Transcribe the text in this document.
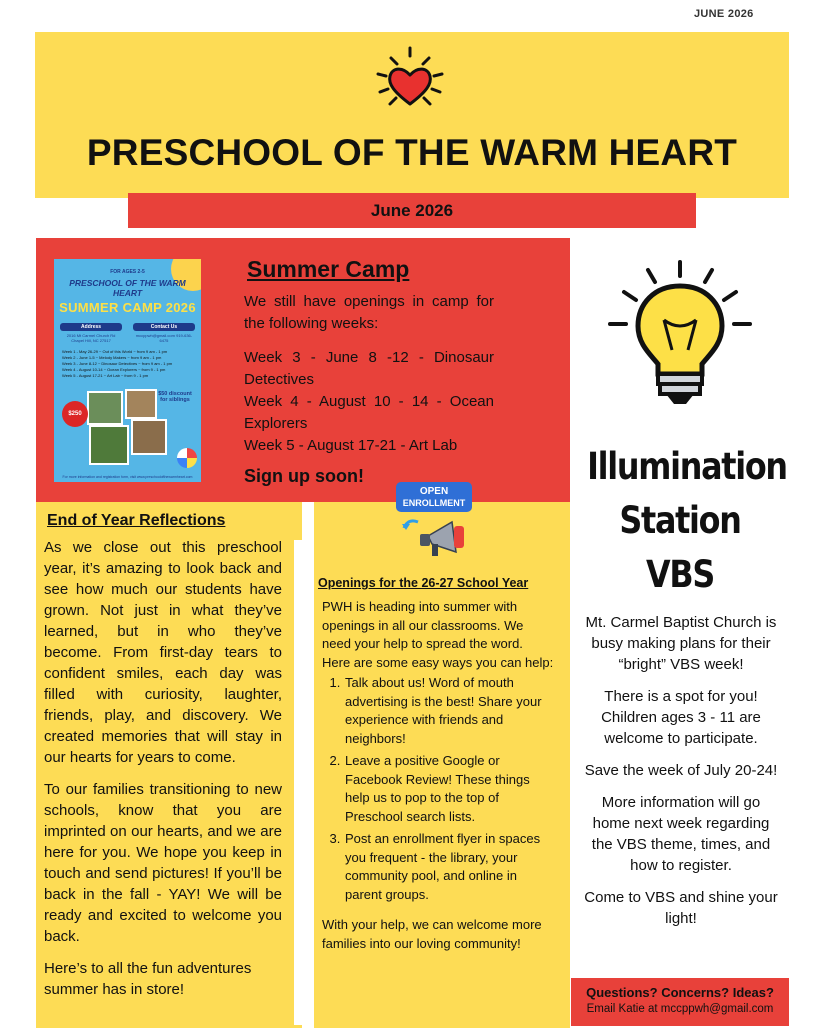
JUNE 2026
PRESCHOOL OF THE WARM HEART
June 2026
FOR AGES 2-5
PRESCHOOL OF THE WARM HEART
SUMMER CAMP 2026
Address
2016 Mt Carmel Church Rd Chapel Hill, NC 27517
Contact Us
mccppwh@gmail.com 919-636-6475
Week 1 - May 26-29 ~ Out of this World ~ from 9 am - 1 pm
Week 2 - June 1-5 ~ Melody Makers ~ from 9 am - 1 pm
Week 3 - June 8-12 ~ Dinosaur Detectives ~ from 9 am - 1 pm
Week 4 - August 10-14 ~ Ocean Explorers ~ from 9 - 1 pm
Week 5 - August 17-21 ~ Art Lab ~ from 9 - 1 pm
$250
$50 discount for siblings
For more information and registration form, visit www.preschoolofthewarmheart.com
Summer Camp
We still have openings in camp for the following weeks:
Week 3 - June 8 -12 - Dinosaur Detectives
Week 4 - August 10 - 14 - Ocean Explorers
Week 5 - August 17-21 - Art Lab
Sign up soon!
End of Year Reflections

As we close out this preschool year, it’s amazing to look back and see how much our students have grown. Not just in what they’ve learned, but in who they’ve become. From first-day tears to confident smiles, each day was filled with curiosity, laughter, friends, play, and discovery. We created memories that will stay in our hearts for years to come.

To our families transitioning to new schools, know that you are imprinted on our hearts, and we are here for you. We hope you keep in touch and send pictures! If you’ll be back in the fall - YAY! We will be ready and excited to welcome you back.

Here’s to all the fun adventures summer has in store!

OPEN
ENROLLMENT
Openings for the 26-27 School Year
PWH is heading into summer with openings in all our classrooms. We need your help to spread the word. Here are some easy ways you can help:
1. Talk about us! Word of mouth advertising is the best! Share your experience with friends and neighbors!
2. Leave a positive Google or Facebook Review! These things help us to pop to the top of Preschool search lists.
3. Post an enrollment flyer in spaces you frequent - the library, your community pool, and online in parent groups.
With your help, we can welcome more families into our loving community!
Illumination
Station
VBS

Mt. Carmel Baptist Church is busy making plans for their “bright” VBS week!

There is a spot for you! Children ages 3 - 11 are welcome to participate.

Save the week of July 20-24!

More information will go home next week regarding the VBS theme, times, and how to register.

Come to VBS and shine your light!

Questions? Concerns? Ideas?
Email Katie at mccppwh@gmail.com
